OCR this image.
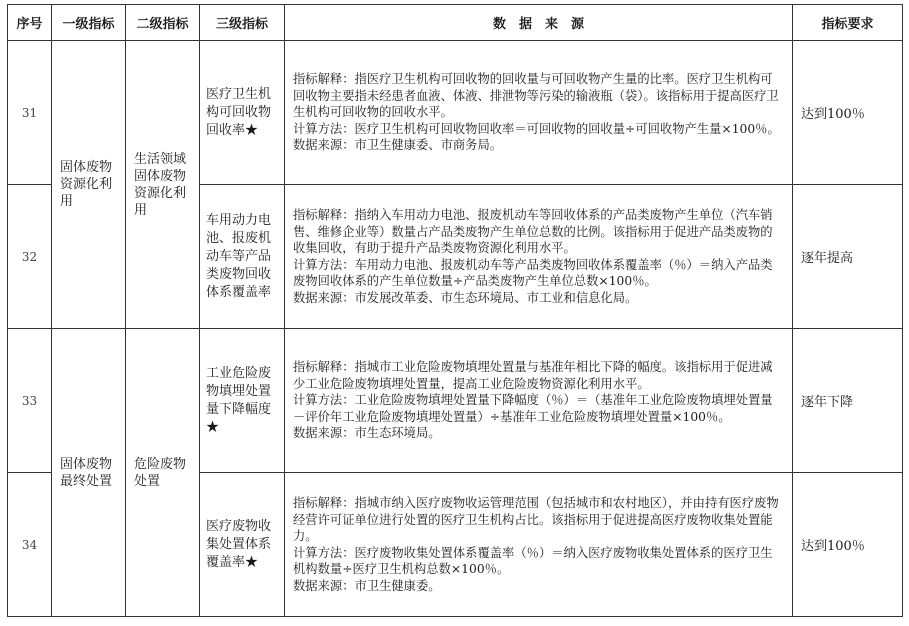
序号	一级指标	二级指标	三级指标	数　据　来　源	指标要求
31	固体废物资源化利用	生活领域固体废物资源化利用	医疗卫生机构可回收物回收率★	指标解释：指医疗卫生机构可回收物的回收量与可回收物产生量的比率。医疗卫生机构可回收物主要指未经患者血液、体液、排泄物等污染的输液瓶（袋）。该指标用于提高医疗卫生机构可回收物的回收水平。
计算方法：医疗卫生机构可回收物回收率＝可回收物的回收量÷可回收物产生量×100％。
数据来源：市卫生健康委、市商务局。	达到100％
32			车用动力电池、报废机动车等产品类废物回收体系覆盖率	指标解释：指纳入车用动力电池、报废机动车等回收体系的产品类废物产生单位（汽车销售、维修企业等）数量占产品类废物产生单位总数的比例。该指标用于促进产品类废物的收集回收，有助于提升产品类废物资源化利用水平。
计算方法：车用动力电池、报废机动车等产品类废物回收体系覆盖率（％）＝纳入产品类废物回收体系的产生单位数量÷产品类废物产生单位总数×100％。
数据来源：市发展改革委、市生态环境局、市工业和信息化局。	逐年提高
33	固体废物最终处置	危险废物处置	工业危险废物填埋处置量下降幅度★	指标解释：指城市工业危险废物填埋处置量与基准年相比下降的幅度。该指标用于促进减少工业危险废物填埋处置量，提高工业危险废物资源化利用水平。
计算方法：工业危险废物填埋处置量下降幅度（％）＝（基准年工业危险废物填埋处置量－评价年工业危险废物填埋处置量）÷基准年工业危险废物填埋处置量×100％。
数据来源：市生态环境局。	逐年下降
34			医疗废物收集处置体系覆盖率★	指标解释：指城市纳入医疗废物收运管理范围（包括城市和农村地区），并由持有医疗废物经营许可证单位进行处置的医疗卫生机构占比。该指标用于促进提高医疗废物收集处置能力。
计算方法：医疗废物收集处置体系覆盖率（％）＝纳入医疗废物收集处置体系的医疗卫生机构数量÷医疗卫生机构总数×100％。
数据来源：市卫生健康委。	达到100％
